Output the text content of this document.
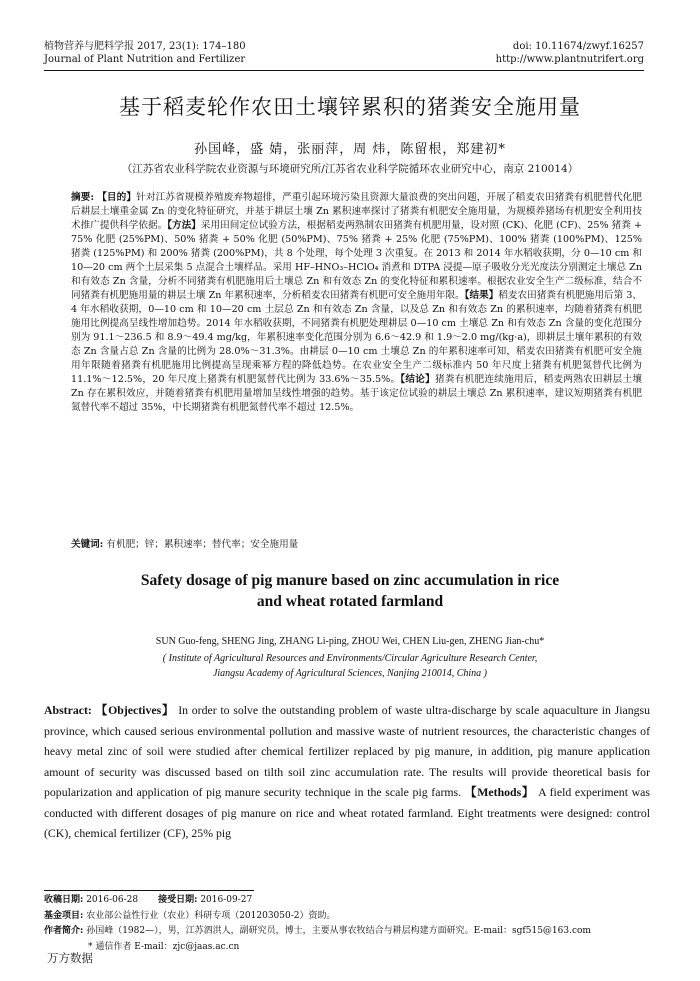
植物营养与肥料学报 2017, 23(1): 174–180
Journal of Plant Nutrition and Fertilizer
doi: 10.11674/zwyf.16257
http://www.plantnutrifert.org
基于稻麦轮作农田土壤锌累积的猪粪安全施用量
孙国峰，盛 婧，张丽萍，周 炜，陈留根，郑建初*
（江苏省农业科学院农业资源与环境研究所/江苏省农业科学院循环农业研究中心，南京 210014）

摘要: 【目的】针对江苏省规模养殖废弃物超排，严重引起环境污染且资源大量浪费的突出问题，开展了稻麦农田猪粪有机肥替代化肥后耕层土壤重金属 Zn 的变化特征研究，并基于耕层土壤 Zn 累积速率探讨了猪粪有机肥安全施用量，为规模养猪场有机肥安全利用技术推广提供科学依据。【方法】采用田间定位试验方法，根据稻麦两熟制农田猪粪有机肥用量，设对照 (CK)、化肥 (CF)、25% 猪粪 + 75% 化肥 (25%PM)、50% 猪粪 + 50% 化肥 (50%PM)、75% 猪粪 + 25% 化肥 (75%PM)、100% 猪粪 (100%PM)、125% 猪粪 (125%PM) 和 200% 猪粪 (200%PM)，共 8 个处理，每个处理 3 次重复。在 2013 和 2014 年水稻收获期，分 0—10 cm 和 10—20 cm 两个土层采集 5 点混合土壤样品。采用 HF–HNO₃–HClO₄ 消煮和 DTPA 浸提—原子吸收分光光度法分别测定土壤总 Zn 和有效态 Zn 含量，分析不同猪粪有机肥施用后土壤总 Zn 和有效态 Zn 的变化特征和累积速率。根据农业安全生产二级标准，结合不同猪粪有机肥施用量的耕层土壤 Zn 年累积速率，分析稻麦农田猪粪有机肥可安全施用年限。【结果】稻麦农田猪粪有机肥施用后第 3、4 年水稻收获期，0—10 cm 和 10—20 cm 土层总 Zn 和有效态 Zn 含量，以及总 Zn 和有效态 Zn 的累积速率，均随着猪粪有机肥施用比例提高呈线性增加趋势。2014 年水稻收获期，不同猪粪有机肥处理耕层 0—10 cm 土壤总 Zn 和有效态 Zn 含量的变化范围分别为 91.1～236.5 和 8.9～49.4 mg/kg，年累积速率变化范围分别为 6.6～42.9 和 1.9～2.0 mg/(kg·a)，即耕层土壤年累积的有效态 Zn 含量占总 Zn 含量的比例为 28.0%～31.3%。由耕层 0—10 cm 土壤总 Zn 的年累积速率可知，稻麦农田猪粪有机肥可安全施用年限随着猪粪有机肥施用比例提高呈现乘幂方程的降低趋势。在农业安全生产二级标准内 50 年尺度上猪粪有机肥氮替代比例为 11.1%～12.5%，20 年尺度上猪粪有机肥氮替代比例为 33.6%～35.5%。【结论】猪粪有机肥连续施用后，稻麦两熟农田耕层土壤 Zn 存在累积效应，并随着猪粪有机肥用量增加呈线性增强的趋势。基于该定位试验的耕层土壤总 Zn 累积速率，建议短期猪粪有机肥氮替代率不超过 35%，中长期猪粪有机肥氮替代率不超过 12.5%。

关键词: 有机肥；锌；累积速率；替代率；安全施用量
Safety dosage of pig manure based on zinc accumulation in rice
and wheat rotated farmland
SUN Guo-feng, SHENG Jing, ZHANG Li-ping, ZHOU Wei, CHEN Liu-gen, ZHENG Jian-chu*
( Institute of Agricultural Resources and Environments/Circular Agriculture Research Center,
Jiangsu Academy of Agricultural Sciences, Nanjing 210014, China )

Abstract: 【Objectives】 In order to solve the outstanding problem of waste ultra-discharge by scale aquaculture in Jiangsu province, which caused serious environmental pollution and massive waste of nutrient resources, the characteristic changes of heavy metal zinc of soil were studied after chemical fertilizer replaced by pig manure, in addition, pig manure application amount of security was discussed based on tilth soil zinc accumulation rate. The results will provide theoretical basis for popularization and application of pig manure security technique in the scale pig farms. 【Methods】 A field experiment was conducted with different dosages of pig manure on rice and wheat rotated farmland. Eight treatments were designed: control (CK), chemical fertilizer (CF), 25% pig

收稿日期: 2016-06-28 接受日期: 2016-09-27
基金项目: 农业部公益性行业（农业）科研专项（201203050-2）资助。
作者简介: 孙国峰（1982—），男，江苏泗洪人，副研究员，博士，主要从事农牧结合与耕层构建方面研究。E-mail：sgf515@163.com
* 通信作者 E-mail：zjc@jaas.ac.cn
万方数据
